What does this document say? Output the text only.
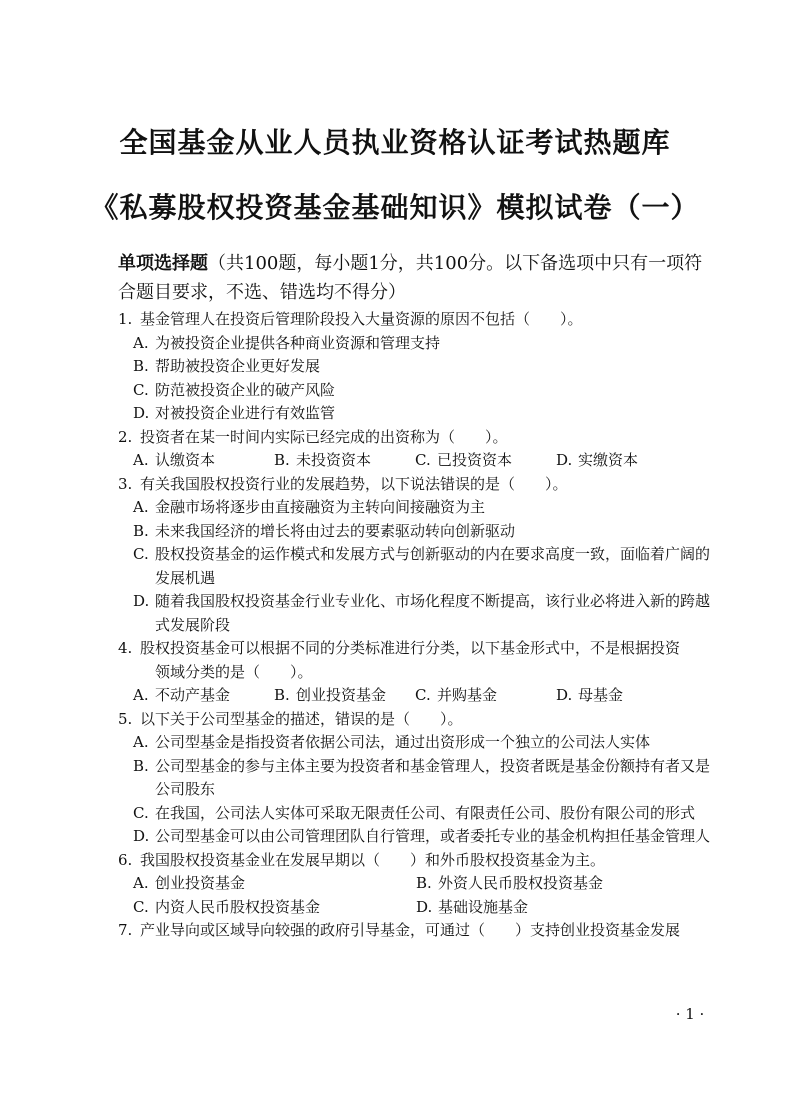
全国基金从业人员执业资格认证考试热题库
《私募股权投资基金基础知识》模拟试卷（一）
单项选择题（共100题，每小题1分，共100分。以下备选项中只有一项符合题目要求，不选、错选均不得分）
1. 基金管理人在投资后管理阶段投入大量资源的原因不包括（　　）。
A. 为被投资企业提供各种商业资源和管理支持
B. 帮助被投资企业更好发展
C. 防范被投资企业的破产风险
D. 对被投资企业进行有效监管
2. 投资者在某一时间内实际已经完成的出资称为（　　）。
A. 认缴资本	B. 未投资资本	C. 已投资资本	D. 实缴资本
3. 有关我国股权投资行业的发展趋势，以下说法错误的是（　　）。
A. 金融市场将逐步由直接融资为主转向间接融资为主
B. 未来我国经济的增长将由过去的要素驱动转向创新驱动
C. 股权投资基金的运作模式和发展方式与创新驱动的内在要求高度一致，面临着广阔的发展机遇
D. 随着我国股权投资基金行业专业化、市场化程度不断提高，该行业必将进入新的跨越式发展阶段
4. 股权投资基金可以根据不同的分类标准进行分类，以下基金形式中，不是根据投资
领域分类的是（　　）。
A. 不动产基金	B. 创业投资基金 C. 并购基金	D. 母基金
5. 以下关于公司型基金的描述，错误的是（　　）。
A. 公司型基金是指投资者依据公司法，通过出资形成一个独立的公司法人实体
B. 公司型基金的参与主体主要为投资者和基金管理人，投资者既是基金份额持有者又是公司股东
C. 在我国，公司法人实体可采取无限责任公司、有限责任公司、股份有限公司的形式
D. 公司型基金可以由公司管理团队自行管理，或者委托专业的基金机构担任基金管理人
6. 我国股权投资基金业在发展早期以（　　）和外币股权投资基金为主。
A. 创业投资基金	B. 外资人民币股权投资基金
C. 内资人民币股权投资基金	D. 基础设施基金
7. 产业导向或区域导向较强的政府引导基金，可通过（　　）支持创业投资基金发展
· 1 ·
